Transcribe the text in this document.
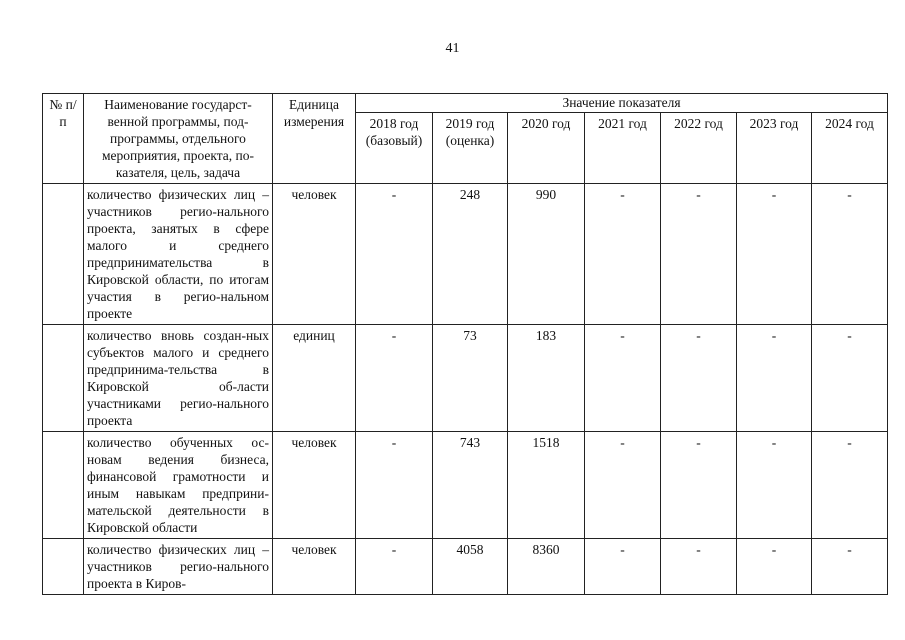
41
№ п/п	Наименование государст-венной программы, под-программы, отдельного мероприятия, проекта, по-казателя, цель, задача	Единица измерения	Значение показателя						
			2018 год (базовый)	2019 год (оценка)	2020 год	2021 год	2022 год	2023 год	2024 год
	количество физических лиц – участников регио-нального проекта, занятых в сфере малого и среднего предпринимательства в Кировской области, по итогам участия в регио-нальном проекте	человек	-	248	990	-	-	-	-
	количество вновь создан-ных субъектов малого и среднего предпринима-тельства в Кировской об-ласти участниками регио-нального проекта	единиц	-	73	183	-	-	-	-
	количество обученных ос-новам ведения бизнеса, финансовой грамотности и иным навыкам предприни-мательской деятельности в Кировской области	человек	-	743	1518	-	-	-	-
	количество физических лиц – участников регио-нального проекта в Киров-	человек	-	4058	8360	-	-	-	-
